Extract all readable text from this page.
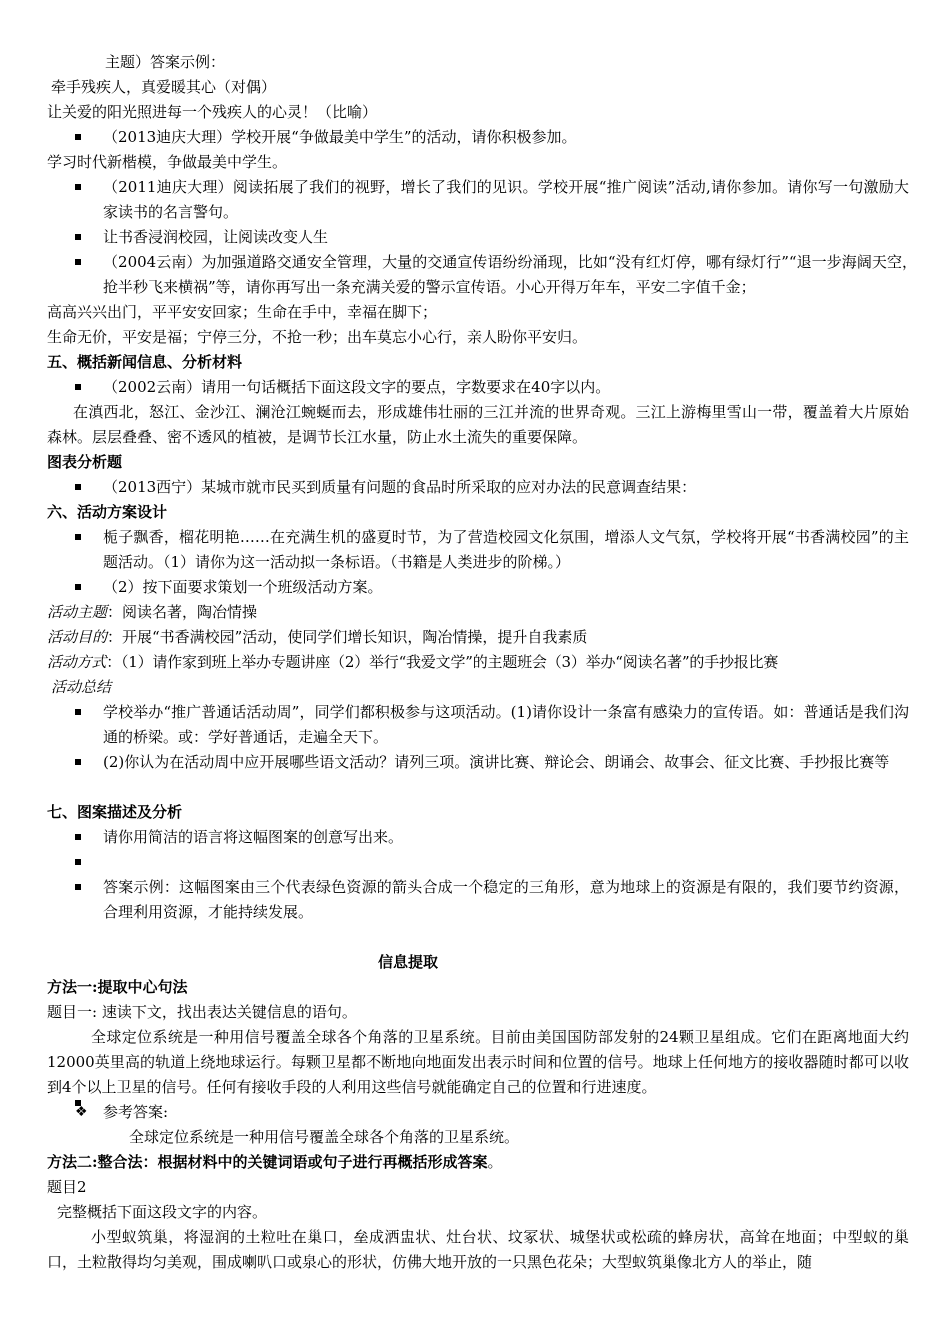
主题）答案示例：

牵手残疾人，真爱暖其心（对偶）

让关爱的阳光照进每一个残疾人的心灵！（比喻）

（2013迪庆大理）学校开展“争做最美中学生”的活动，请你积极参加。

学习时代新楷模，争做最美中学生。

（2011迪庆大理）阅读拓展了我们的视野，增长了我们的见识。学校开展“推广阅读”活动,请你参加。请你写一句激励大家读书的名言警句。
让书香浸润校园，让阅读改变人生
（2004云南）为加强道路交通安全管理，大量的交通宣传语纷纷涌现，比如“没有红灯停，哪有绿灯行”“退一步海阔天空，抢半秒飞来横祸”等，请你再写出一条充满关爱的警示宣传语。小心开得万年车，平安二字值千金；

高高兴兴出门，平平安安回家；生命在手中，幸福在脚下；

生命无价，平安是福；宁停三分，不抢一秒；出车莫忘小心行，亲人盼你平安归。

五、概括新闻信息、分析材料

（2002云南）请用一句话概括下面这段文字的要点，字数要求在40字以内。

在滇西北，怒江、金沙江、澜沧江蜿蜒而去，形成雄伟壮丽的三江并流的世界奇观。三江上游梅里雪山一带，覆盖着大片原始森林。层层叠叠、密不透风的植被，是调节长江水量，防止水土流失的重要保障。

图表分析题

（2013西宁）某城市就市民买到质量有问题的食品时所采取的应对办法的民意调查结果：

六、活动方案设计

栀子飘香，榴花明艳……在充满生机的盛夏时节，为了营造校园文化氛围，增添人文气氛，学校将开展“书香满校园”的主题活动。（1）请你为这一活动拟一条标语。（书籍是人类进步的阶梯。）
（2）按下面要求策划一个班级活动方案。

活动主题：阅读名著，陶冶情操

活动目的：开展“书香满校园”活动，使同学们增长知识，陶冶情操，提升自我素质

活动方式：（1）请作家到班上举办专题讲座（2）举行“我爱文学”的主题班会（3）举办“阅读名著”的手抄报比赛

活动总结

学校举办“推广普通话活动周”，同学们都积极参与这项活动。(1)请你设计一条富有感染力的宣传语。如：普通话是我们沟通的桥梁。或：学好普通话，走遍全天下。
(2)你认为在活动周中应开展哪些语文活动？请列三项。演讲比赛、辩论会、朗诵会、故事会、征文比赛、手抄报比赛等

七、图案描述及分析

请你用简洁的语言将这幅图案的创意写出来。
答案示例：这幅图案由三个代表绿色资源的箭头合成一个稳定的三角形，意为地球上的资源是有限的，我们要节约资源，合理利用资源，才能持续发展。

信息提取

方法一:提取中心句法

题目一: 速读下文，找出表达关键信息的语句。

全球定位系统是一种用信号覆盖全球各个角落的卫星系统。目前由美国国防部发射的24颗卫星组成。它们在距离地面大约12000英里高的轨道上绕地球运行。每颗卫星都不断地向地面发出表示时间和位置的信号。地球上任何地方的接收器随时都可以收到4个以上卫星的信号。任何有接收手段的人利用这些信号就能确定自己的位置和行进速度。

❖ 参考答案:

全球定位系统是一种用信号覆盖全球各个角落的卫星系统。

方法二:整合法：根据材料中的关键词语或句子进行再概括形成答案。

题目2

完整概括下面这段文字的内容。

小型蚁筑巢，将湿润的土粒吐在巢口，垒成洒盅状、灶台状、坟冢状、城堡状或松疏的蜂房状，高耸在地面；中型蚁的巢口，土粒散得均匀美观，围成喇叭口或泉心的形状，仿佛大地开放的一只黑色花朵；大型蚁筑巢像北方人的举止，随
